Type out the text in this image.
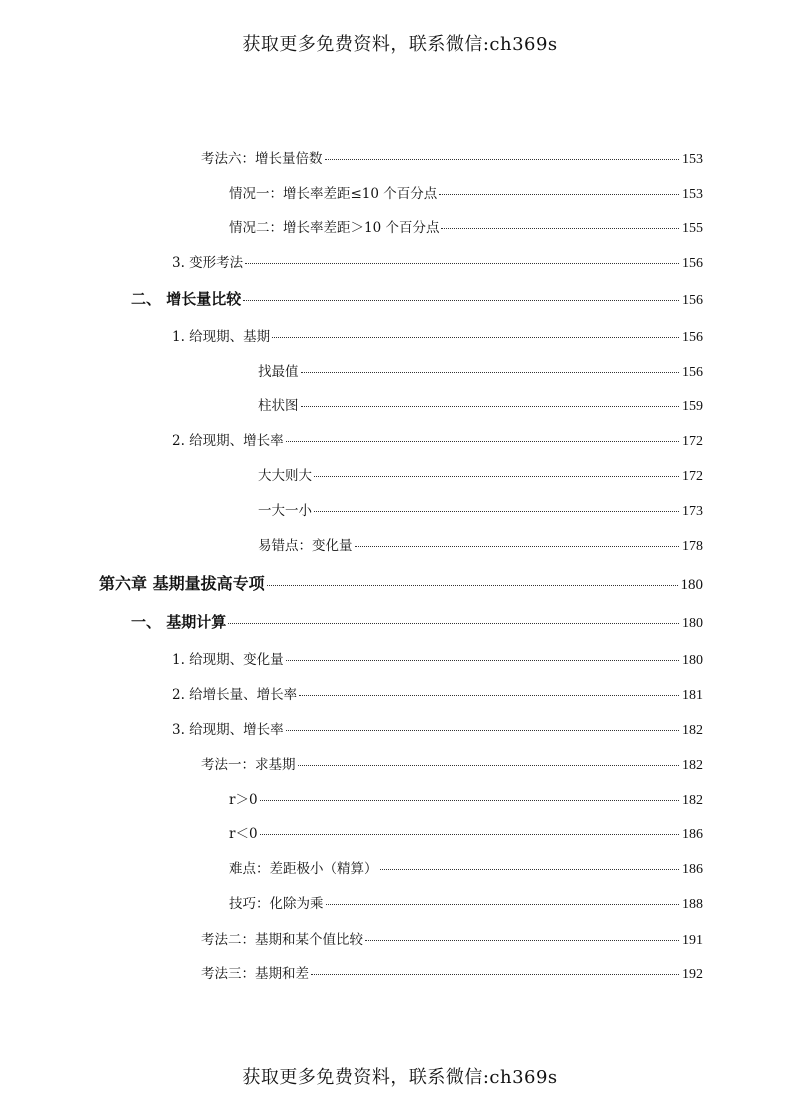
获取更多免费资料，联系微信:ch369s
考法六：增长量倍数	153
情况一：增长率差距≤10 个百分点	153
情况二：增长率差距＞10 个百分点	155
3. 变形考法	156
二、 增长量比较	156
1. 给现期、基期	156
找最值	156
柱状图	159
2. 给现期、增长率	172
大大则大	172
一大一小	173
易错点：变化量	178
第六章 基期量拔高专项	180
一、 基期计算	180
1. 给现期、变化量	180
2. 给增长量、增长率	181
3. 给现期、增长率	182
考法一：求基期	182
r＞0	182
r＜0	186
难点：差距极小（精算）	186
技巧：化除为乘	188
考法二：基期和某个值比较	191
考法三：基期和差	192
获取更多免费资料，联系微信:ch369s
